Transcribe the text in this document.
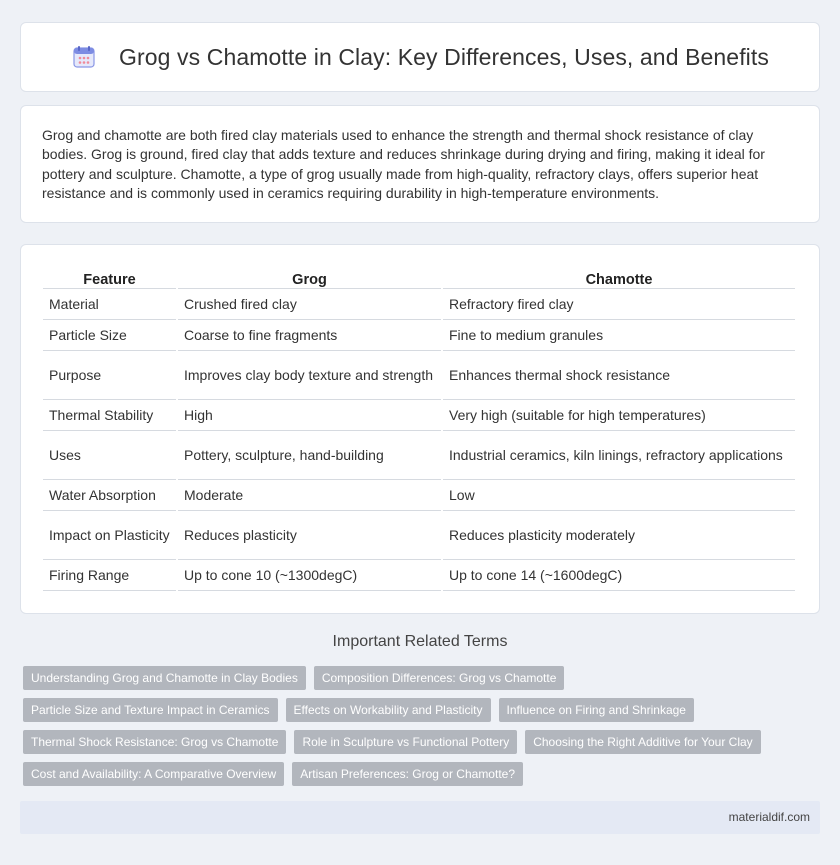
Grog vs Chamotte in Clay: Key Differences, Uses, and Benefits

Grog and chamotte are both fired clay materials used to enhance the strength and thermal shock resistance of clay bodies. Grog is ground, fired clay that adds texture and reduces shrinkage during drying and firing, making it ideal for pottery and sculpture. Chamotte, a type of grog usually made from high-quality, refractory clays, offers superior heat resistance and is commonly used in ceramics requiring durability in high-temperature environments.

Feature	Grog	Chamotte
Material	Crushed fired clay	Refractory fired clay
Particle Size	Coarse to fine fragments	Fine to medium granules
Purpose	Improves clay body texture and strength	Enhances thermal shock resistance
Thermal Stability	High	Very high (suitable for high temperatures)
Uses	Pottery, sculpture, hand-building	Industrial ceramics, kiln linings, refractory applications
Water Absorption	Moderate	Low
Impact on Plasticity	Reduces plasticity	Reduces plasticity moderately
Firing Range	Up to cone 10 (~1300degC)	Up to cone 14 (~1600degC)
Important Related Terms
Understanding Grog and Chamotte in Clay Bodies	Composition Differences: Grog vs Chamotte
Particle Size and Texture Impact in Ceramics	Effects on Workability and Plasticity	Influence on Firing and Shrinkage
Thermal Shock Resistance: Grog vs Chamotte	Role in Sculpture vs Functional Pottery	Choosing the Right Additive for Your Clay
Cost and Availability: A Comparative Overview	Artisan Preferences: Grog or Chamotte?
materialdif.com
